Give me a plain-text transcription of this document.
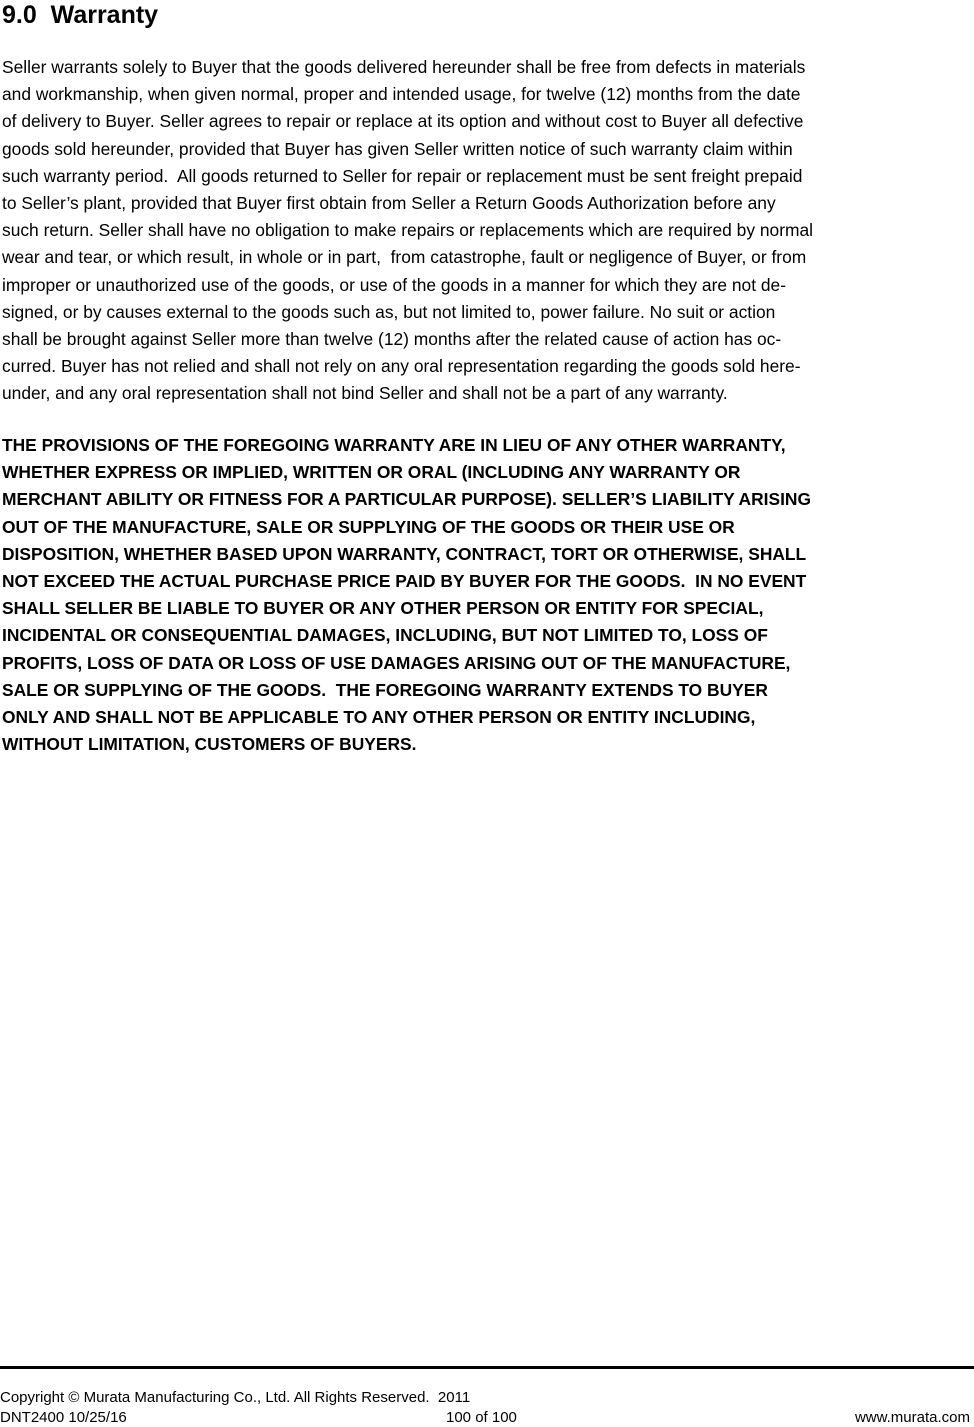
9.0  Warranty
Seller warrants solely to Buyer that the goods delivered hereunder shall be free from defects in materials
and workmanship, when given normal, proper and intended usage, for twelve (12) months from the date
of delivery to Buyer. Seller agrees to repair or replace at its option and without cost to Buyer all defective
goods sold hereunder, provided that Buyer has given Seller written notice of such warranty claim within
such warranty period.  All goods returned to Seller for repair or replacement must be sent freight prepaid
to Seller’s plant, provided that Buyer first obtain from Seller a Return Goods Authorization before any
such return. Seller shall have no obligation to make repairs or replacements which are required by normal
wear and tear, or which result, in whole or in part,  from catastrophe, fault or negligence of Buyer, or from
improper or unauthorized use of the goods, or use of the goods in a manner for which they are not de-
signed, or by causes external to the goods such as, but not limited to, power failure. No suit or action
shall be brought against Seller more than twelve (12) months after the related cause of action has oc-
curred. Buyer has not relied and shall not rely on any oral representation regarding the goods sold here-
under, and any oral representation shall not bind Seller and shall not be a part of any warranty.
THE PROVISIONS OF THE FOREGOING WARRANTY ARE IN LIEU OF ANY OTHER WARRANTY,
WHETHER EXPRESS OR IMPLIED, WRITTEN OR ORAL (INCLUDING ANY WARRANTY OR
MERCHANT ABILITY OR FITNESS FOR A PARTICULAR PURPOSE). SELLER’S LIABILITY ARISING
OUT OF THE MANUFACTURE, SALE OR SUPPLYING OF THE GOODS OR THEIR USE OR
DISPOSITION, WHETHER BASED UPON WARRANTY, CONTRACT, TORT OR OTHERWISE, SHALL
NOT EXCEED THE ACTUAL PURCHASE PRICE PAID BY BUYER FOR THE GOODS.  IN NO EVENT
SHALL SELLER BE LIABLE TO BUYER OR ANY OTHER PERSON OR ENTITY FOR SPECIAL,
INCIDENTAL OR CONSEQUENTIAL DAMAGES, INCLUDING, BUT NOT LIMITED TO, LOSS OF
PROFITS, LOSS OF DATA OR LOSS OF USE DAMAGES ARISING OUT OF THE MANUFACTURE,
SALE OR SUPPLYING OF THE GOODS.  THE FOREGOING WARRANTY EXTENDS TO BUYER
ONLY AND SHALL NOT BE APPLICABLE TO ANY OTHER PERSON OR ENTITY INCLUDING,
WITHOUT LIMITATION, CUSTOMERS OF BUYERS.
Copyright © Murata Manufacturing Co., Ltd. All Rights Reserved.  2011
DNT2400 10/25/16	100 of 100	www.murata.com
